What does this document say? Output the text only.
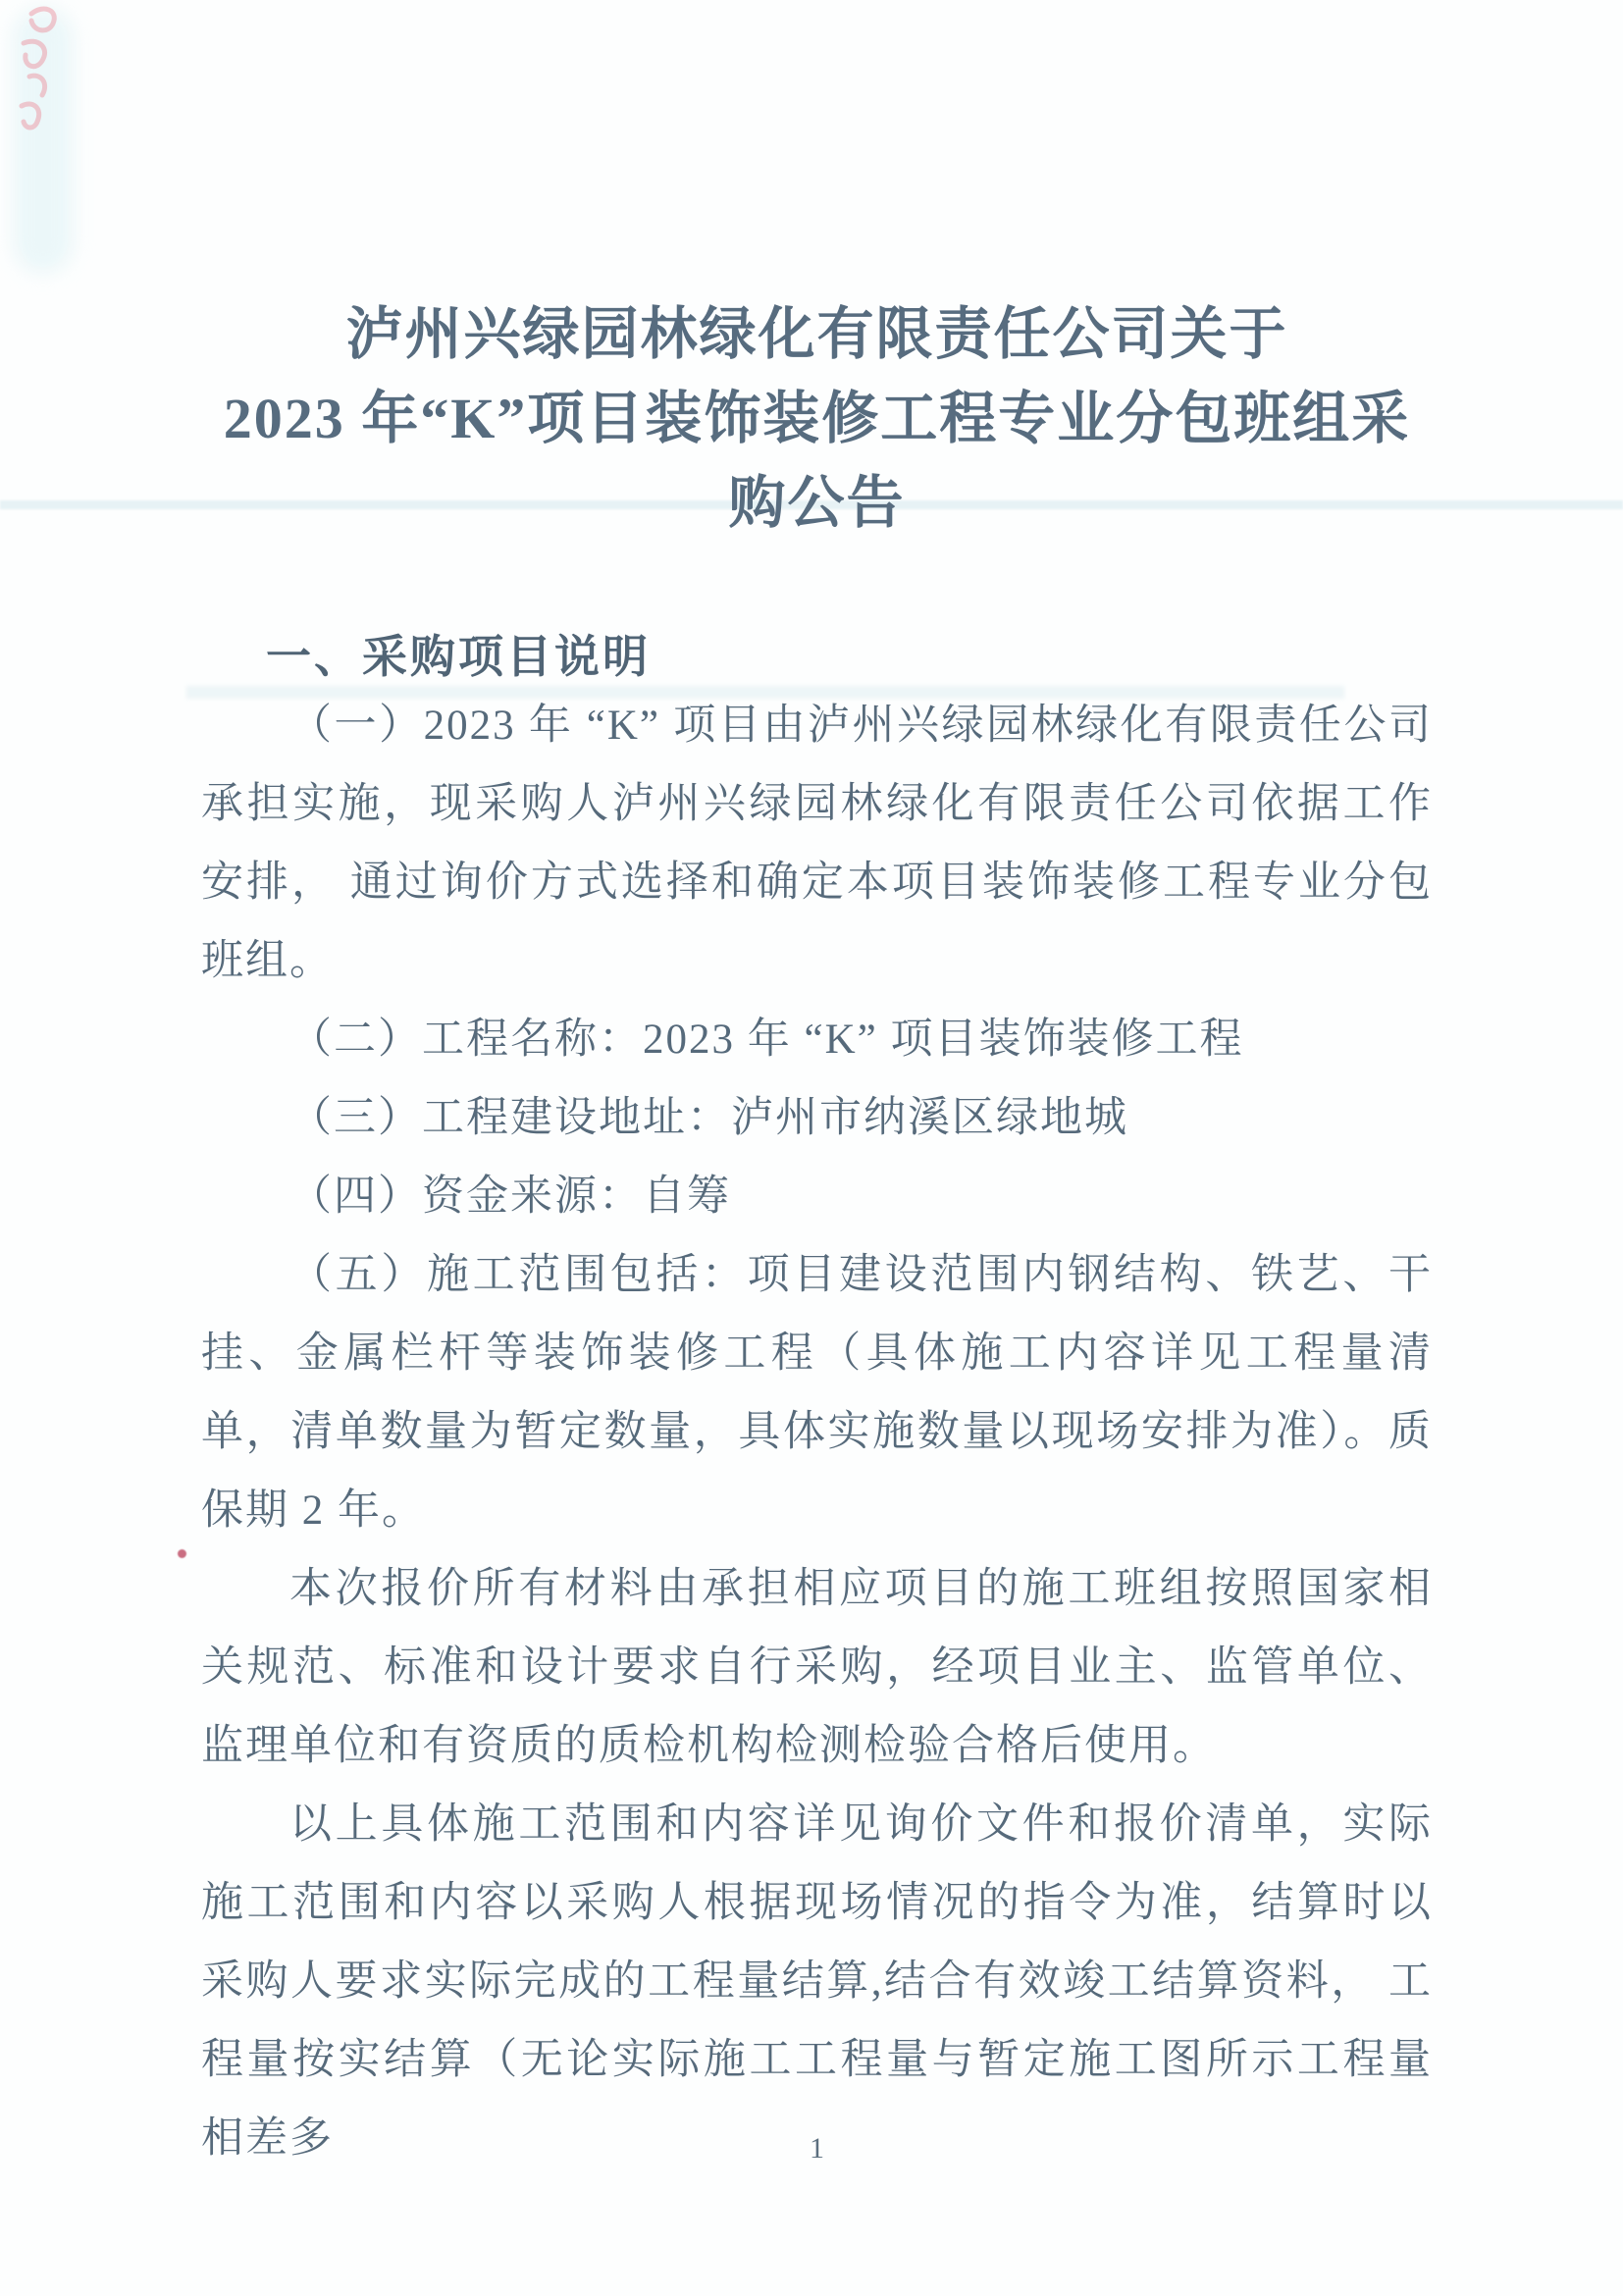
泸州兴绿园林绿化有限责任公司关于
2023 年“K”项目装饰装修工程专业分包班组采
购公告
一、采购项目说明

（一）2023 年 “K” 项目由泸州兴绿园林绿化有限责任公司承担实施，现采购人泸州兴绿园林绿化有限责任公司依据工作安排， 通过询价方式选择和确定本项目装饰装修工程专业分包班组。

（二）工程名称：2023 年 “K” 项目装饰装修工程

（三）工程建设地址：泸州市纳溪区绿地城

（四）资金来源：自筹

（五）施工范围包括：项目建设范围内钢结构、铁艺、干挂、金属栏杆等装饰装修工程（具体施工内容详见工程量清单，清单数量为暂定数量，具体实施数量以现场安排为准）。质保期 2 年。

本次报价所有材料由承担相应项目的施工班组按照国家相关规范、标准和设计要求自行采购，经项目业主、监管单位、监理单位和有资质的质检机构检测检验合格后使用。

以上具体施工范围和内容详见询价文件和报价清单，实际施工范围和内容以采购人根据现场情况的指令为准，结算时以采购人要求实际完成的工程量结算,结合有效竣工结算资料， 工程量按实结算（无论实际施工工程量与暂定施工图所示工程量相差多	1
